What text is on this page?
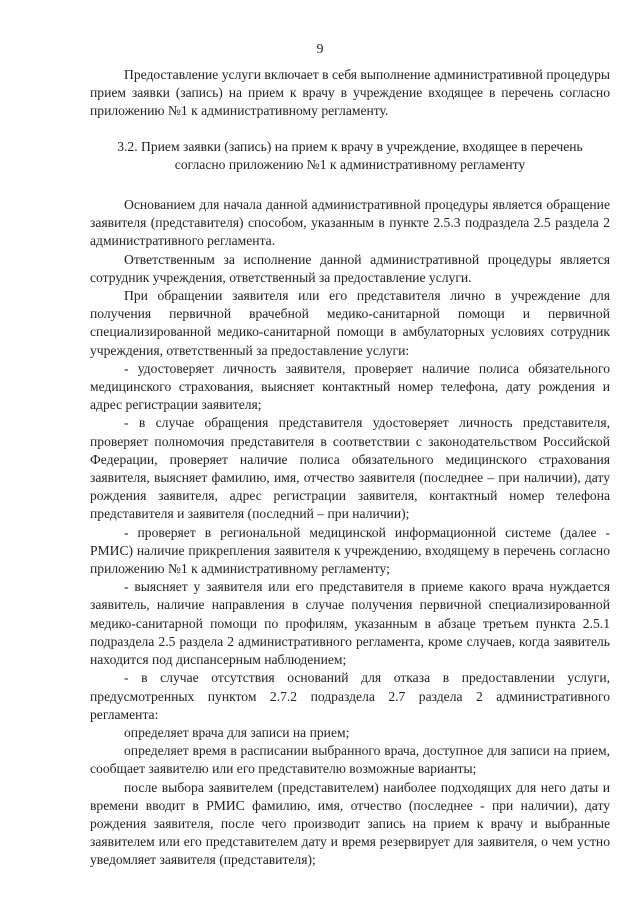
9

Предоставление услуги включает в себя выполнение административной процедуры прием заявки (запись) на прием к врачу в учреждение входящее в перечень согласно приложению №1 к административному регламенту.

3.2. Прием заявки (запись) на прием к врачу в учреждение, входящее в перечень
согласно приложению №1 к административному регламенту

Основанием для начала данной административной процедуры является обращение заявителя (представителя) способом, указанным в пункте 2.5.3 подраздела 2.5 раздела 2 административного регламента.

Ответственным за исполнение данной административной процедуры является сотрудник учреждения, ответственный за предоставление услуги.

При обращении заявителя или его представителя лично в учреждение для получения первичной врачебной медико-санитарной помощи и первичной специализированной медико-санитарной помощи в амбулаторных условиях сотрудник учреждения, ответственный за предоставление услуги:

- удостоверяет личность заявителя, проверяет наличие полиса обязательного медицинского страхования, выясняет контактный номер телефона, дату рождения и адрес регистрации заявителя;

- в случае обращения представителя удостоверяет личность представителя, проверяет полномочия представителя в соответствии с законодательством Российской Федерации, проверяет наличие полиса обязательного медицинского страхования заявителя, выясняет фамилию, имя, отчество заявителя (последнее – при наличии), дату рождения заявителя, адрес регистрации заявителя, контактный номер телефона представителя и заявителя (последний – при наличии);

- проверяет в региональной медицинской информационной системе (далее - РМИС) наличие прикрепления заявителя к учреждению, входящему в перечень согласно приложению №1 к административному регламенту;

- выясняет у заявителя или его представителя в приеме какого врача нуждается заявитель, наличие направления в случае получения первичной специализированной медико-санитарной помощи по профилям, указанным в абзаце третьем пункта 2.5.1 подраздела 2.5 раздела 2 административного регламента, кроме случаев, когда заявитель находится под диспансерным наблюдением;

- в случае отсутствия оснований для отказа в предоставлении услуги, предусмотренных пунктом 2.7.2 подраздела 2.7 раздела 2 административного регламента:

определяет врача для записи на прием;

определяет время в расписании выбранного врача, доступное для записи на прием, сообщает заявителю или его представителю возможные варианты;

после выбора заявителем (представителем) наиболее подходящих для него даты и времени вводит в РМИС фамилию, имя, отчество (последнее - при наличии), дату рождения заявителя, после чего производит запись на прием к врачу и выбранные заявителем или его представителем дату и время резервирует для заявителя, о чем устно уведомляет заявителя (представителя);
